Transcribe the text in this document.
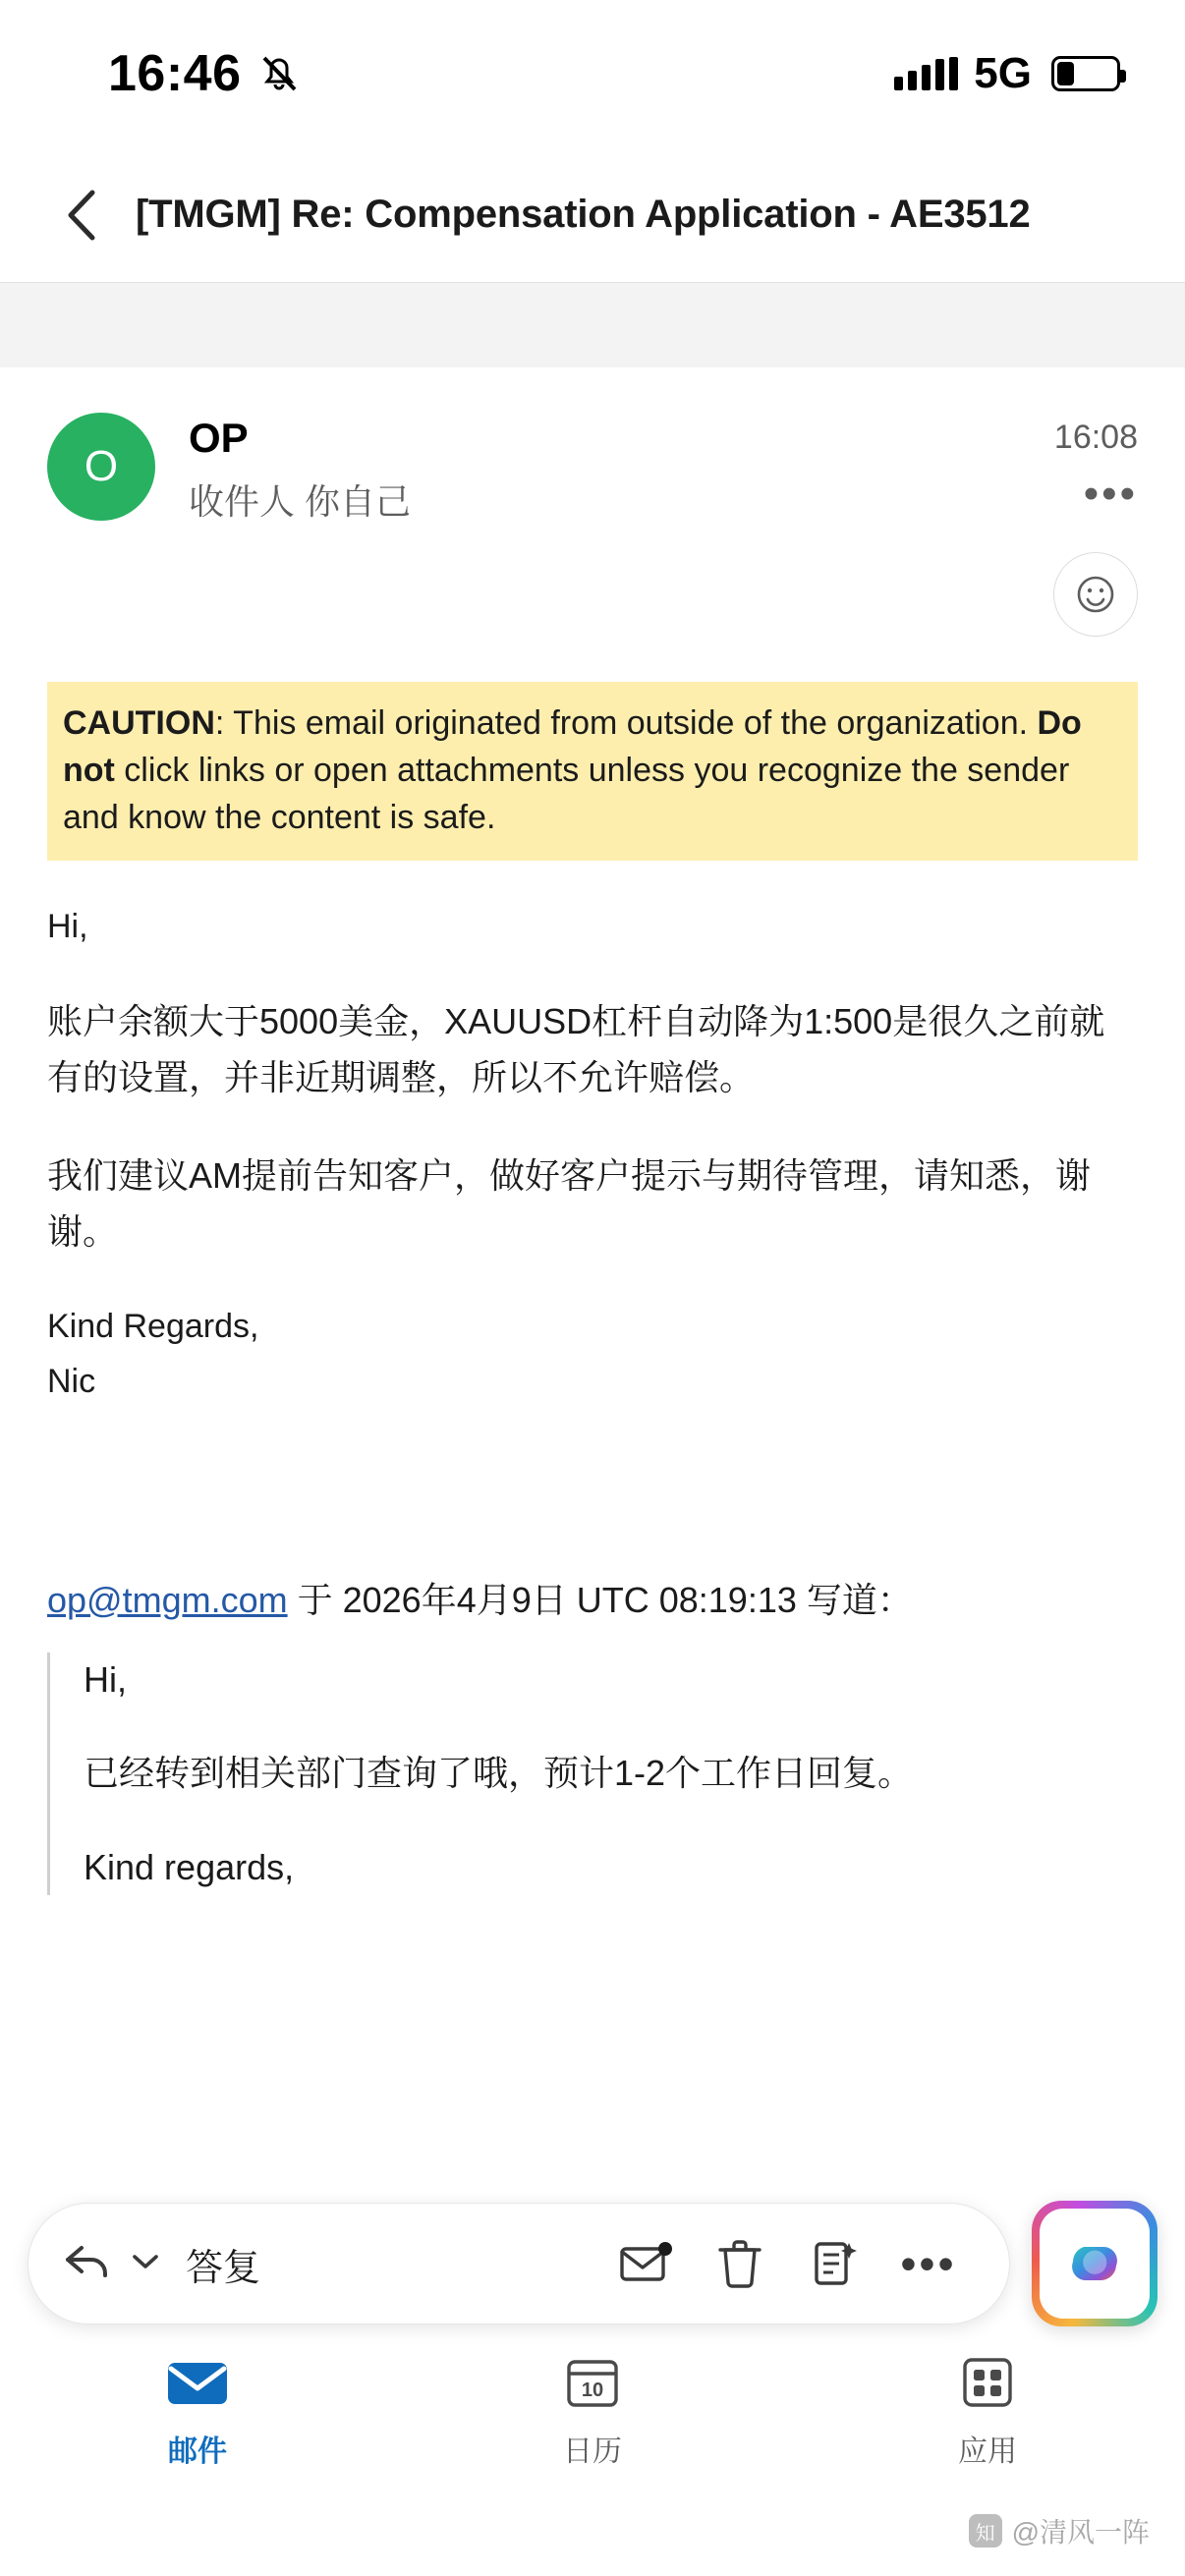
16:46	5G
[TMGM] Re: Compensation Application - AE3512
O
OP
收件人 你自己
16:08
•••
CAUTION: This email originated from outside of the organization. Do not click links or open attachments unless you recognize the sender and know the content is safe.
Hi,
账户余额大于5000美金，XAUUSD杠杆自动降为1:500是很久之前就有的设置，并非近期调整，所以不允许赔偿。
我们建议AM提前告知客户，做好客户提示与期待管理，请知悉，谢谢。
Kind Regards,
Nic
op@tmgm.com 于 2026年4月9日 UTC 08:19:13 写道：

Hi,

已经转到相关部门查询了哦，预计1-2个工作日回复。

Kind regards,

答复	•••
邮件
10
日历	应用
知 @清风一阵
